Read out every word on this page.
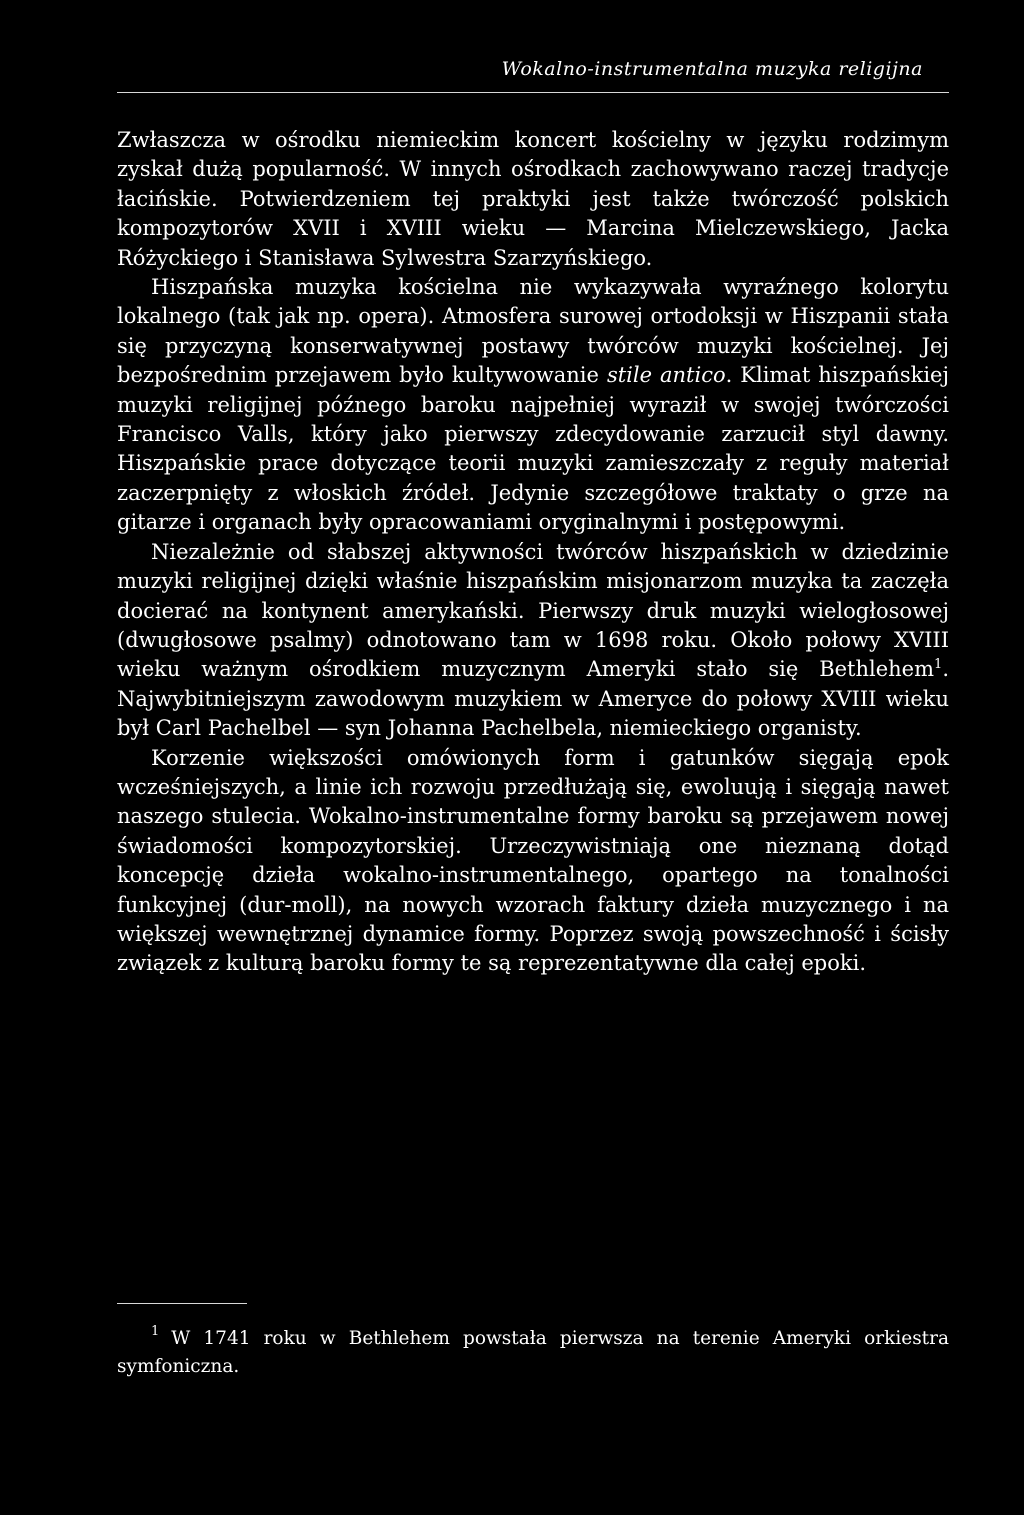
Wokalno-instrumentalna muzyka religijna

Zwłaszcza w ośrodku niemieckim koncert kościelny w języku rodzimym zyskał dużą popularność. W innych ośrodkach zachowywano raczej tradycje łacińskie. Potwierdzeniem tej praktyki jest także twórczość polskich kompozytorów XVII i XVIII wieku — Marcina Mielczewskiego, Jacka Różyckiego i Stanisława Sylwestra Szarzyńskiego.

Hiszpańska muzyka kościelna nie wykazywała wyraźnego kolorytu lokalnego (tak jak np. opera). Atmosfera surowej ortodoksji w Hiszpanii stała się przyczyną konserwatywnej postawy twórców muzyki kościelnej. Jej bezpośrednim przejawem było kultywowanie stile antico. Klimat hiszpańskiej muzyki religijnej późnego baroku najpełniej wyraził w swojej twórczości Francisco Valls, który jako pierwszy zdecydowanie zarzucił styl dawny. Hiszpańskie prace dotyczące teorii muzyki zamieszczały z reguły materiał zaczerpnięty z włoskich źródeł. Jedynie szczegółowe traktaty o grze na gitarze i organach były opracowaniami oryginalnymi i postępowymi.

Niezależnie od słabszej aktywności twórców hiszpańskich w dziedzinie muzyki religijnej dzięki właśnie hiszpańskim misjonarzom muzyka ta zaczęła docierać na kontynent amerykański. Pierwszy druk muzyki wielogłosowej (dwugłosowe psalmy) odnotowano tam w 1698 roku. Około połowy XVIII wieku ważnym ośrodkiem muzycznym Ameryki stało się Bethlehem$^1$. Najwybitniejszym zawodowym muzykiem w Ameryce do połowy XVIII wieku był Carl Pachelbel — syn Johanna Pachelbela, niemieckiego organisty.

Korzenie większości omówionych form i gatunków sięgają epok wcześniejszych, a linie ich rozwoju przedłużają się, ewoluują i sięgają nawet naszego stulecia. Wokalno-instrumentalne formy baroku są przejawem nowej świadomości kompozytorskiej. Urzeczywistniają one nieznaną dotąd koncepcję dzieła wokalno-instrumentalnego, opartego na tonalności funkcyjnej (dur-moll), na nowych wzorach faktury dzieła muzycznego i na większej wewnętrznej dynamice formy. Poprzez swoją powszechność i ścisły związek z kulturą baroku formy te są reprezentatywne dla całej epoki.

$^1$ W 1741 roku w Bethlehem powstała pierwsza na terenie Ameryki orkiestra symfoniczna.
